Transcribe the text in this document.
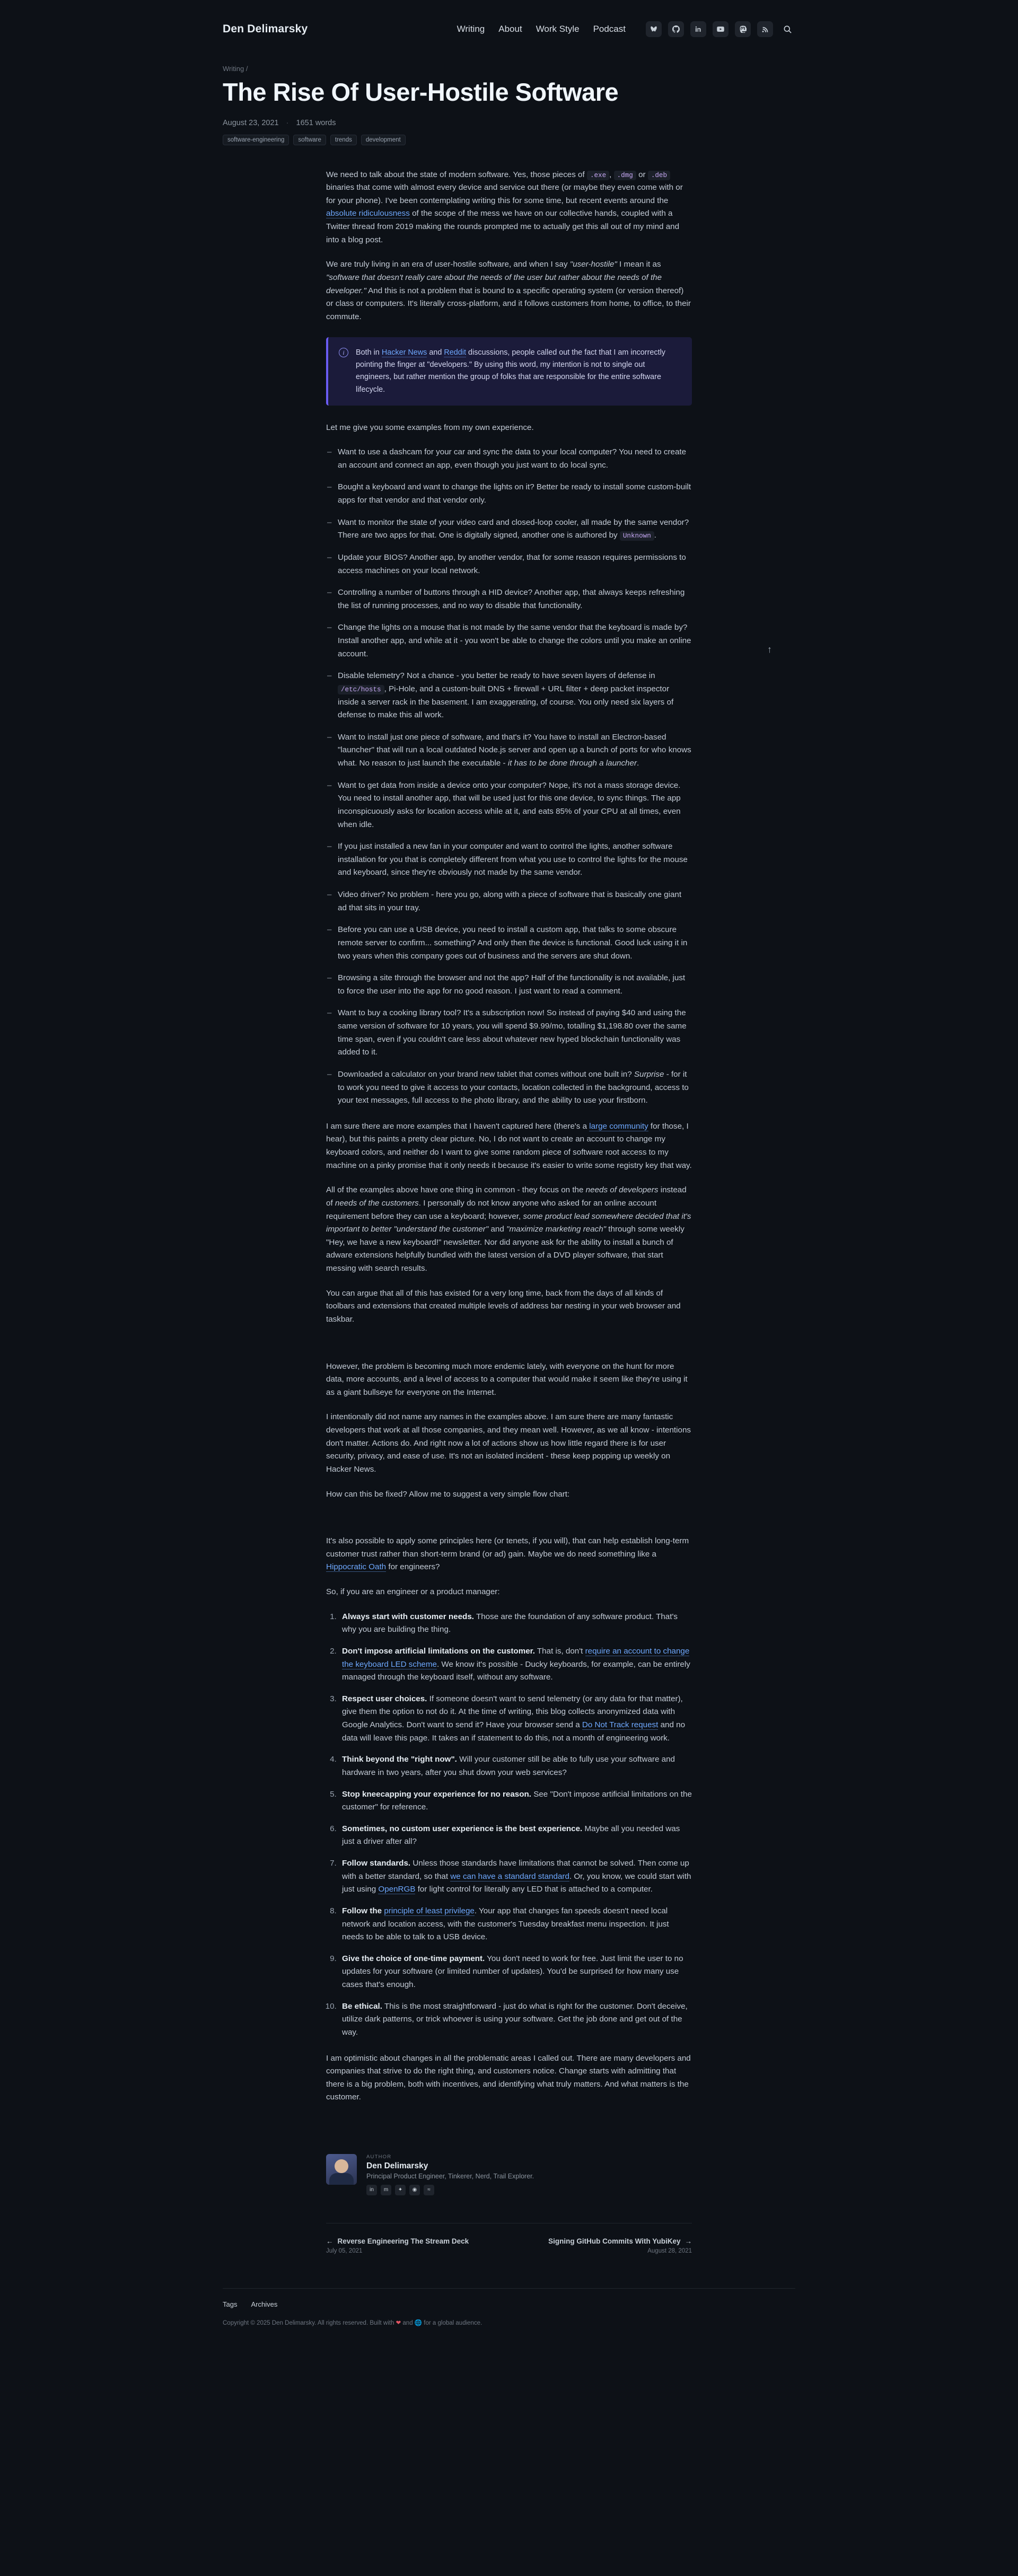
Den Delimarsky	Writing About Work Style Podcast
Writing /
The Rise Of User-Hostile Software
August 23, 2021 · 1651 words
software-engineering	software	trends	development

We need to talk about the state of modern software. Yes, those pieces of .exe , .dmg or .deb binaries that come with almost every device and service out there (or maybe they even come with or for your phone). I've been contemplating writing this for some time, but recent events around the absolute ridiculousness of the scope of the mess we have on our collective hands, coupled with a Twitter thread from 2019 making the rounds prompted me to actually get this all out of my mind and into a blog post.

We are truly living in an era of user-hostile software, and when I say "user-hostile" I mean it as "software that doesn't really care about the needs of the user but rather about the needs of the developer." And this is not a problem that is bound to a specific operating system (or version thereof) or class or computers. It's literally cross-platform, and it follows customers from home, to office, to their commute.

i	Both in Hacker News and Reddit discussions, people called out the fact that I am incorrectly pointing the finger at "developers." By using this word, my intention is not to single out engineers, but rather mention the group of folks that are responsible for the entire software lifecycle.

Let me give you some examples from my own experience.

– Want to use a dashcam for your car and sync the data to your local computer? You need to create an account and connect an app, even though you just want to do local sync.
– Bought a keyboard and want to change the lights on it? Better be ready to install some custom-built apps for that vendor and that vendor only.
– Want to monitor the state of your video card and closed-loop cooler, all made by the same vendor? There are two apps for that. One is digitally signed, another one is authored by Unknown .
– Update your BIOS? Another app, by another vendor, that for some reason requires permissions to access machines on your local network.
– Controlling a number of buttons through a HID device? Another app, that always keeps refreshing the list of running processes, and no way to disable that functionality.
– Change the lights on a mouse that is not made by the same vendor that the keyboard is made by? Install another app, and while at it - you won't be able to change the colors until you make an online account.
– Disable telemetry? Not a chance - you better be ready to have seven layers of defense in /etc/hosts , Pi-Hole, and a custom-built DNS + firewall + URL filter + deep packet inspector inside a server rack in the basement. I am exaggerating, of course. You only need six layers of defense to make this all work.
– Want to install just one piece of software, and that's it? You have to install an Electron-based "launcher" that will run a local outdated Node.js server and open up a bunch of ports for who knows what. No reason to just launch the executable - it has to be done through a launcher.
– Want to get data from inside a device onto your computer? Nope, it's not a mass storage device. You need to install another app, that will be used just for this one device, to sync things. The app inconspicuously asks for location access while at it, and eats 85% of your CPU at all times, even when idle.
– If you just installed a new fan in your computer and want to control the lights, another software installation for you that is completely different from what you use to control the lights for the mouse and keyboard, since they're obviously not made by the same vendor.
– Video driver? No problem - here you go, along with a piece of software that is basically one giant ad that sits in your tray.
– Before you can use a USB device, you need to install a custom app, that talks to some obscure remote server to confirm... something? And only then the device is functional. Good luck using it in two years when this company goes out of business and the servers are shut down.
– Browsing a site through the browser and not the app? Half of the functionality is not available, just to force the user into the app for no good reason. I just want to read a comment.
– Want to buy a cooking library tool? It's a subscription now! So instead of paying $40 and using the same version of software for 10 years, you will spend $9.99/mo, totalling $1,198.80 over the same time span, even if you couldn't care less about whatever new hyped blockchain functionality was added to it.
– Downloaded a calculator on your brand new tablet that comes without one built in? Surprise - for it to work you need to give it access to your contacts, location collected in the background, access to your text messages, full access to the photo library, and the ability to use your firstborn.

I am sure there are more examples that I haven't captured here (there's a large community for those, I hear), but this paints a pretty clear picture. No, I do not want to create an account to change my keyboard colors, and neither do I want to give some random piece of software root access to my machine on a pinky promise that it only needs it because it's easier to write some registry key that way.

All of the examples above have one thing in common - they focus on the needs of developers instead of needs of the customers. I personally do not know anyone who asked for an online account requirement before they can use a keyboard; however, some product lead somewhere decided that it's important to better "understand the customer" and "maximize marketing reach" through some weekly "Hey, we have a new keyboard!" newsletter. Nor did anyone ask for the ability to install a bunch of adware extensions helpfully bundled with the latest version of a DVD player software, that start messing with search results.

You can argue that all of this has existed for a very long time, back from the days of all kinds of toolbars and extensions that created multiple levels of address bar nesting in your web browser and taskbar.

However, the problem is becoming much more endemic lately, with everyone on the hunt for more data, more accounts, and a level of access to a computer that would make it seem like they're using it as a giant bullseye for everyone on the Internet.

I intentionally did not name any names in the examples above. I am sure there are many fantastic developers that work at all those companies, and they mean well. However, as we all know - intentions don't matter. Actions do. And right now a lot of actions show us how little regard there is for user security, privacy, and ease of use. It's not an isolated incident - these keep popping up weekly on Hacker News.

How can this be fixed? Allow me to suggest a very simple flow chart:

It's also possible to apply some principles here (or tenets, if you will), that can help establish long-term customer trust rather than short-term brand (or ad) gain. Maybe we do need something like a Hippocratic Oath for engineers?

So, if you are an engineer or a product manager:

1. Always start with customer needs. Those are the foundation of any software product. That's why you are building the thing.
2. Don't impose artificial limitations on the customer. That is, don't require an account to change the keyboard LED scheme. We know it's possible - Ducky keyboards, for example, can be entirely managed through the keyboard itself, without any software.
3. Respect user choices. If someone doesn't want to send telemetry (or any data for that matter), give them the option to not do it. At the time of writing, this blog collects anonymized data with Google Analytics. Don't want to send it? Have your browser send a Do Not Track request and no data will leave this page. It takes an if statement to do this, not a month of engineering work.
4. Think beyond the "right now". Will your customer still be able to fully use your software and hardware in two years, after you shut down your web services?
5. Stop kneecapping your experience for no reason. See "Don't impose artificial limitations on the customer" for reference.
6. Sometimes, no custom user experience is the best experience. Maybe all you needed was just a driver after all?
7. Follow standards. Unless those standards have limitations that cannot be solved. Then come up with a better standard, so that we can have a standard standard. Or, you know, we could start with just using OpenRGB for light control for literally any LED that is attached to a computer.
8. Follow the principle of least privilege. Your app that changes fan speeds doesn't need local network and location access, with the customer's Tuesday breakfast menu inspection. It just needs to be able to talk to a USB device.
9. Give the choice of one-time payment. You don't need to work for free. Just limit the user to no updates for your software (or limited number of updates). You'd be surprised for how many use cases that's enough.
10. Be ethical. This is the most straightforward - just do what is right for the customer. Don't deceive, utilize dark patterns, or trick whoever is using your software. Get the job done and get out of the way.

I am optimistic about changes in all the problematic areas I called out. There are many developers and companies that strive to do the right thing, and customers notice. Change starts with admitting that there is a big problem, both with incentives, and identifying what truly matters. And what matters is the customer.

AUTHOR
Den Delimarsky
Principal Product Engineer, Tinkerer, Nerd, Trail Explorer.
in	m	✦	◉	≈
← Reverse Engineering The Stream Deck
July 05, 2021
Signing GitHub Commits With YubiKey →
August 28, 2021
Tags Archives
Copyright © 2025 Den Delimarsky. All rights reserved. Built with ❤ and 🌐 for a global audience.
↑
